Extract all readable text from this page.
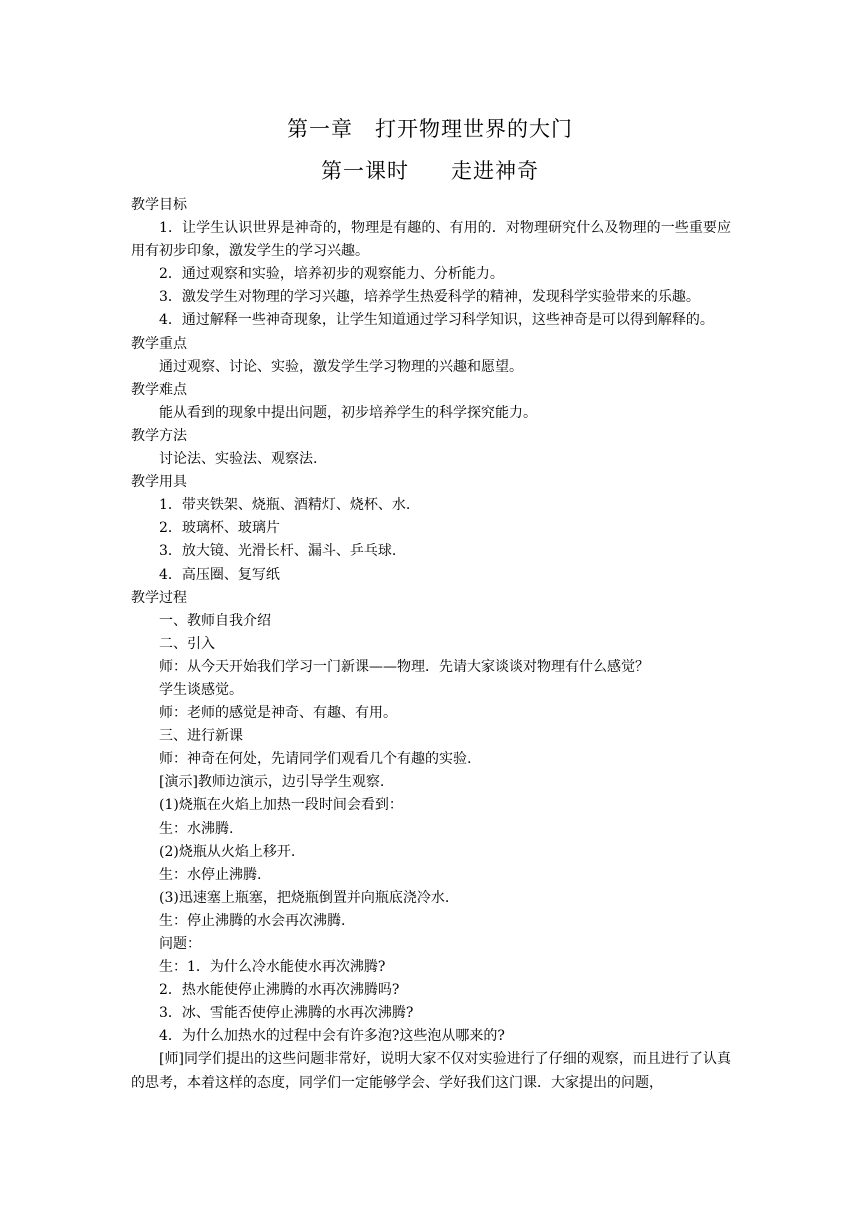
第一章 打开物理世界的大门
第一课时 走进神奇

教学目标

1．让学生认识世界是神奇的，物理是有趣的、有用的．对物理研究什么及物理的一些重要应用有初步印象，激发学生的学习兴趣。

2．通过观察和实验，培养初步的观察能力、分析能力。

3．激发学生对物理的学习兴趣，培养学生热爱科学的精神，发现科学实验带来的乐趣。

4．通过解释一些神奇现象，让学生知道通过学习科学知识，这些神奇是可以得到解释的。

教学重点

通过观察、讨论、实验，激发学生学习物理的兴趣和愿望。

教学难点

能从看到的现象中提出问题，初步培养学生的科学探究能力。

教学方法

讨论法、实验法、观察法.

教学用具

1．带夹铁架、烧瓶、酒精灯、烧杯、水.

2．玻璃杯、玻璃片

3．放大镜、光滑长杆、漏斗、乒乓球.

4．高压圈、复写纸

教学过程

一、教师自我介绍

二、引入

师：从今天开始我们学习一门新课——物理．先请大家谈谈对物理有什么感觉？

学生谈感觉。

师：老师的感觉是神奇、有趣、有用。

三、进行新课

师：神奇在何处，先请同学们观看几个有趣的实验.

[演示]教师边演示，边引导学生观察.

(1)烧瓶在火焰上加热一段时间会看到：

生：水沸腾.

(2)烧瓶从火焰上移开.

生：水停止沸腾.

(3)迅速塞上瓶塞，把烧瓶倒置并向瓶底浇冷水.

生：停止沸腾的水会再次沸腾.

问题：

生：1．为什么冷水能使水再次沸腾?

2．热水能使停止沸腾的水再次沸腾吗?

3．冰、雪能否使停止沸腾的水再次沸腾?

4．为什么加热水的过程中会有许多泡?这些泡从哪来的?

[师]同学们提出的这些问题非常好，说明大家不仅对实验进行了仔细的观察，而且进行了认真的思考，本着这样的态度，同学们一定能够学会、学好我们这门课．大家提出的问题，
